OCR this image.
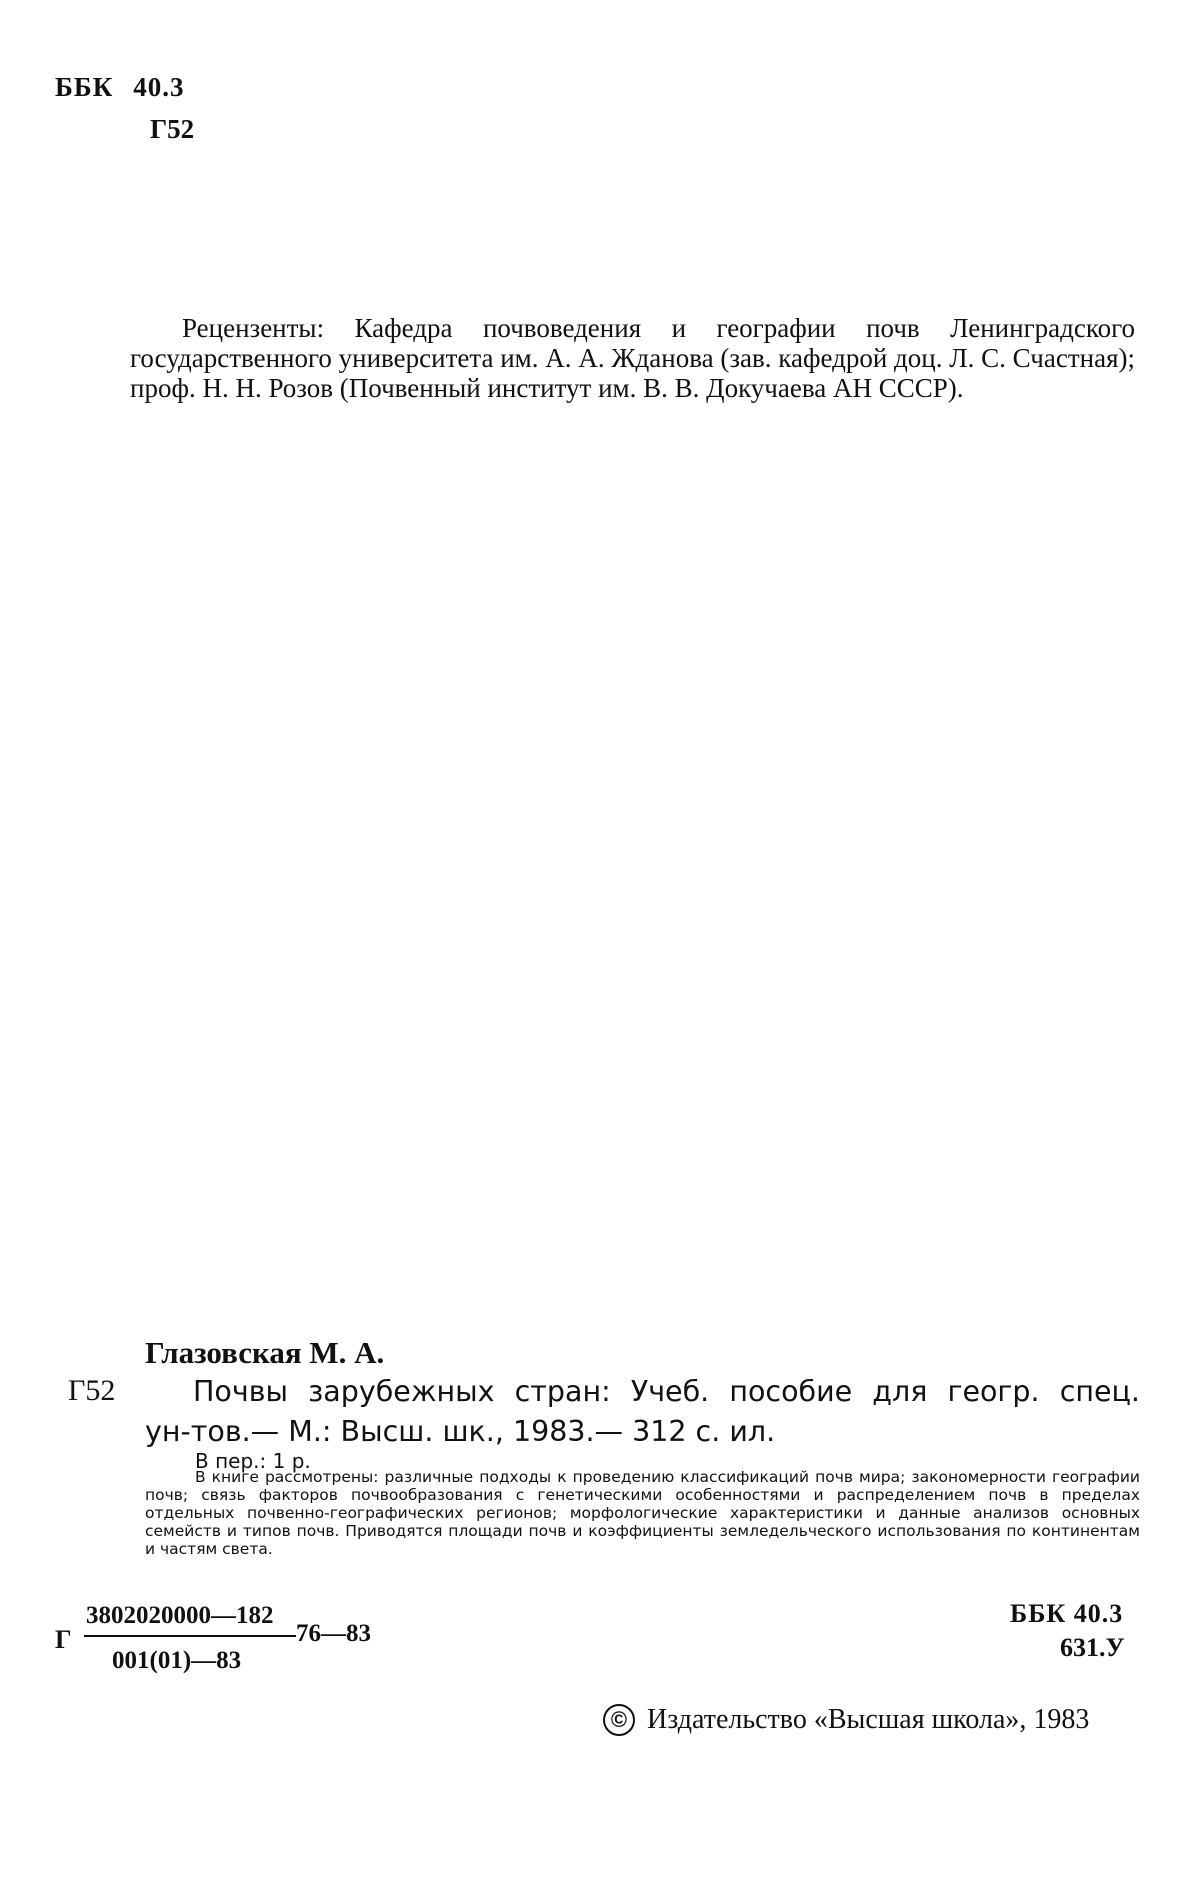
ББК 40.3
Г52
Рецензенты: Кафедра почвоведения и географии почв Ленинградского государственного университета им. А. А. Жданова (зав. кафедрой доц. Л. С. Счастная); проф. Н. Н. Розов (Почвенный институт им. В. В. Докучаева АН СССР).
Глазовская М. А.
Г52	Почвы зарубежных стран: Учеб. пособие для геогр. спец.
ун-тов.— М.: Высш. шк., 1983.— 312 с. ил.
В пер.: 1 р.
В книге рассмотрены: различные подходы к проведению классификаций почв мира; закономерности географии почв; связь факторов почвообразования с генетическими особенностями и распределением почв в пределах отдельных почвенно-географических регионов; морфологические характеристики и данные анализов основных семейств и типов почв. Приводятся площади почв и коэффициенты земледельческого использования по континентам и частям света.
Г
3802020000—182
001(01)—83
76—83
ББК 40.3
631.У
© Издательство «Высшая школа», 1983
